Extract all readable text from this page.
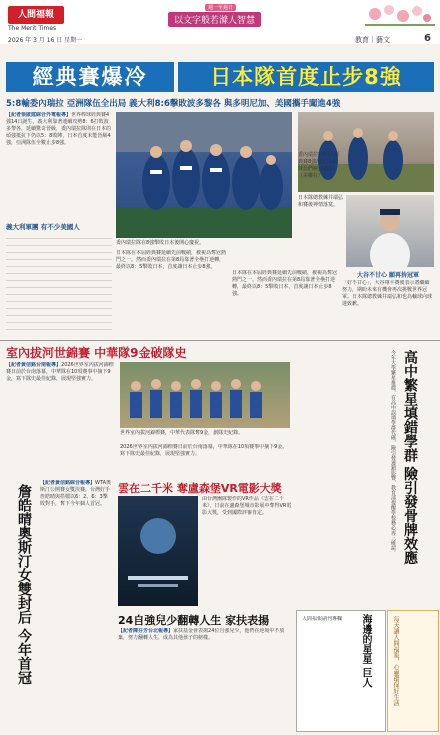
人間福報
The Merit Times
2026 年 3 月 16 日 星期一
週一至週日
以文字般若滌人智慧
教育｜藝文	6
經典賽爆冷	日本隊首度止步8強
5:8輸委內瑞拉 亞洲隊伍全出局 義大利8:6擊敗波多黎各 與多明尼加、美國攜手闖進4強
【記者張啟庭綜合外電報導】世界棒球經典賽4強14日誕生，義大利靠著連續攻勢8：6打敗波多黎各，延續驚奇晉級，委內瑞拉隊則在日本的頑強抵抗下仍以5：8敗陣，日本首度未能晉級4強，亞洲隊伍全數止步8強。
義大利軍團 有不少美國人
委內瑞拉隊在8強擊敗日本後開心慶祝。
委內瑞拉14日在經典賽8強淘汰日本，球員們瘋狂慶祝。（美聯社）
日本隊總教練井端弘和賽後神情落寞。
大谷不甘心 願再拚冠軍
日本隊在本屆經典賽延續先前戰績，被視為奪冠熱門之一。然而委內瑞拉在第8局靠著全壘打逆轉，最終以8：5擊敗日本，首度讓日本止步8強。
日本隊在本屆經典賽延續先前戰績，被視為奪冠熱門之一。然而委內瑞拉在第8局靠著全壘打逆轉，最終以8：5擊敗日本，首度讓日本止步8強。
「好不甘心」，大谷翔平賽後表示將繼續努力，期盼未來有機會再次挑戰世界冠軍。日本隊總教練井端弘和也為輸球向球迷致歉。
室內拔河世錦賽 中華隊9金破隊史
【記者黃信銘台南報導】2026世界室內拔河錦標賽日前於台南落幕，中華隊在10項賽事中摘下9金，寫下隊史最佳紀錄，展現堅強實力。
世界室內拔河錦標賽，中華代表隊奪9金，創隊史紀錄。
2026世界室內拔河錦標賽日前於台南落幕，中華隊在10項賽事中摘下9金，寫下隊史最佳紀錄，展現堅強實力。	高中繁星填錯學群 險引發骨牌效應
今年大學繁星推薦，有高中誤填學群代碼，險引發連鎖影響，教育部提醒學校務必再三確認。
詹皓晴奧斯汀女雙封后 今年首冠
【記者黃信銘綜合報導】WTA奧斯汀公開賽女雙決賽，台灣好手詹皓晴與搭檔以6：2、6：3擊敗對手，奪下今年個人首冠。
雲在二千米 奪盧森堡VR電影大獎
由台灣團隊製作的VR作品《雲在二千米》，日前在盧森堡城市影展中奪得VR電影大獎，受到國際評審肯定。
24自強兒少翻轉人生 家扶表揚
【記者陳芬芳台北報導】家扶基金會表揚24位自強兒少，他們在逆境中不放棄，努力翻轉人生，成為其他孩子的榜樣。	海邊的星星 巨人
人間福報副刊專欄	每天讀人間福報，心靈環保好生活
